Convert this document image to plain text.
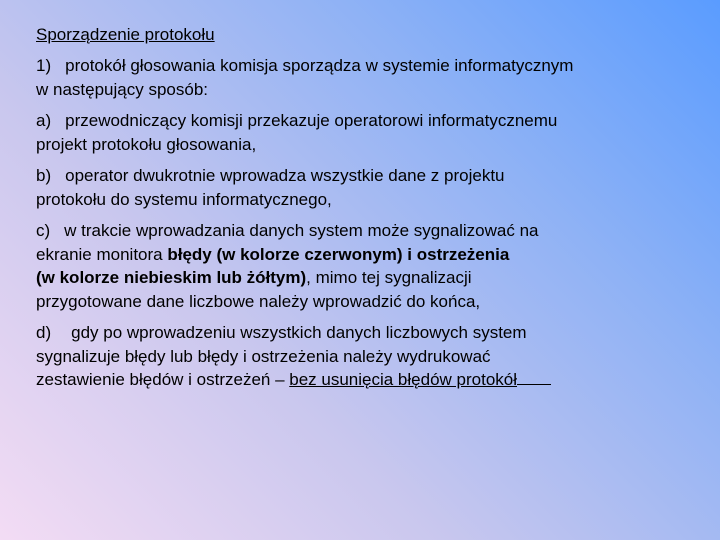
Sporządzenie protokołu
1) protokół głosowania komisja sporządza w systemie informatycznym
w następujący sposób:
a) przewodniczący komisji przekazuje operatorowi informatycznemu
projekt protokołu głosowania,
b) operator dwukrotnie wprowadza wszystkie dane z projektu
protokołu do systemu informatycznego,
c) w trakcie wprowadzania danych system może sygnalizować na
ekranie monitora błędy (w kolorze czerwonym) i ostrzeżenia
(w kolorze niebieskim lub żółtym), mimo tej sygnalizacji
przygotowane dane liczbowe należy wprowadzić do końca,
d) gdy po wprowadzeniu wszystkich danych liczbowych system
sygnalizuje błędy lub błędy i ostrzeżenia należy wydrukować
zestawienie błędów i ostrzeżeń – bez usunięcia błędów protokół
